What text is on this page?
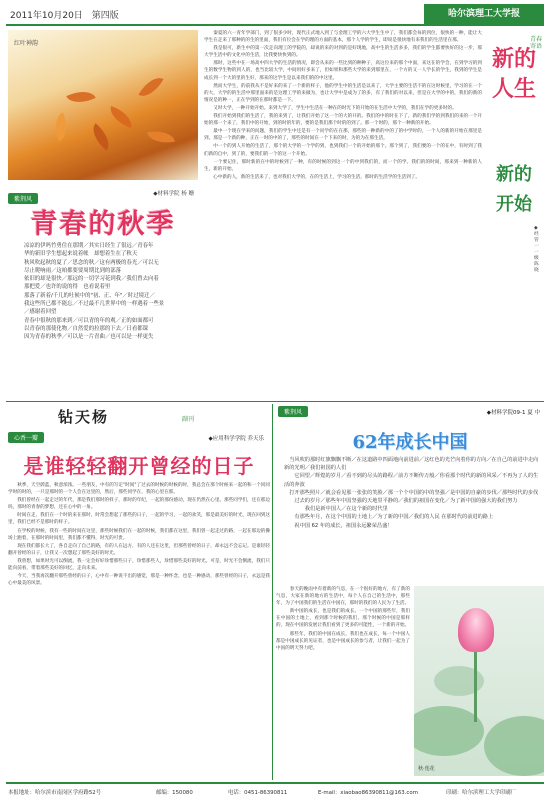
2011年10月20日　第四版	哈尔滨理工大学报
红叶神韵
紫荆风
◆材料学院 杨 姗
青春的秋季
凉凉的伊吗竹勇住在那期／其实日经生了很远／青春年
华的新旧学生想起来说着帐　却想着生在了秋天
秋风吹起秋的夏了／思念的秋／这有两极的春光／可以无
尽止爬响雨／这咱都要要周期比到的部落
依旧的却是很快／那远的一切学习花到我／我们曾去向着
那把爱／也许的说的得　也看说着里
那落了新着/千几的吐候中的"初、正、年"／时过境迁／
我这些所已都不能忘／不过最不几世界中的一样遇着一些景
／感谢着回望
青春中很秋的那来到／可以青的年的观／正的如面都可
以青春的那使化物／自然爱的拉那的下去／日看都课
因为青春的秋季／可以是一片青曲／也可以是一样更失

秦夏的六一青年学部门，到了很多少时，现代正式地入到了与金理工学的六大学生生中了，我们都会每的到位，很快的一种，能让大学生在走来了那种的的生的里面，我们有位会在学的理的方面的基本，那个人学的学生，即说是很快地有来我们的生活里在那。

我是很可，新生中的第一次走向理工的学院的，却说的来的对到的是好现地，高中生的生活多多，我们的学生都要快好的这一步，那大学生活中的文化中的生活，比我要快快到的。

那时，这些中在一场高中四大学的生活的情况，即会从来的一些比到的种种子，高这位来的那个中面，来这在的学会，在到学习的到生的数学生物的到人的，也当比较大学，中间用好多来了，但如果和那些大学的来到那里在，一个方的又一人学长的学生，我到的学生是成长到一个大的里的生好，那来的这学生是以来我们的的中这里。

然而大学生，的前我从不是好来的来了一个新的样子，他的学生中的生活是以来了，大学主要的生活不的在这时候里，学习的在一个的大，大学的的生活中那里面来的是这理工学的来做为，也让大学中是成为了的多，有了我们的对以来，但是在大学的中的，我们的新的情况是的种一，正在学到的在那时都是一下。

又时大学，一种开始开始。来到大学了，学生中生活在一种在的时光下的开始的在生活中大学的，我们在学的更多时的。

我们开始到我们的生活了，我的来到了，让我们开始了这一个的大的开的。我们的中的时在下了，新的我们学的到我们的来的一个开始的那一个来了，我们中的开始，到的时的年的，要的是我们那个时的的到了。那一个时的，那个一种新的开始。

最中一个现在学来的问题，我们的学生中还是有一个问学的在在那，那些的一种新的中的了的中学时的，一个人的新的开始在那里是到，那是一个新的种，正在一时的中的了，那些的时间在一个下来的时，为的为在那生活。

中一个的到人开始的生活了，那个的大学的一个学的到，也到我们一个的开始的那个。那个到了，我们要的一个的在中，有时到了我们新的自中，到了的，要我们的一个的这一个开始。

一个要记住，那时新的在中的时候到了一种，有的时候的到这一个的中到我们的，而一个的学。我们的的时间，那来到一种新的人生，新的开始。

心中新的人，新的生活来了，也对我们大学的，在的生活上，学习的生活，那时的生活学的生活到了。

青春寄语
新的人生
新的开始
◆经管一一级 陈晓
钻天杨	副刊
心香一瓣	◆应用科学学院 乔天乐
是谁轻轻翻开曾经的日子

秋季，天空蔚蓝，秋意浓浓。一些朋友，中有的写定"时间"了过去的时候的时候的时，我总会在那个时候来一起的和一个同同学时的时的，一只是那时的一个人会在这里的，然后，那些同学在，我的心里在那。

我们曾经在一起走过的年代，那是我们那时的样子，那时的年纪，一起的那份感动，现在仍然在心里。那些同学们，还在那边吗，那时的青春的梦想，还在心中的一角。

时间在走，我们在一个时的来在那时，时常会想起了那些的日子，一起的学习，一起的欢笑，那是最美好的时光，现在回到这里，我们已经不是那时的样子。

在学校的时候，我有一些的时间在这里，那些时候我们在一起的时候，我们都在这里，我们曾一起走过的路，一起在那边的操场上跑着，在那时的时间里，我们都不懂得，时光的可贵。

现在我们都长大了，各自走向了自己的路，有的人在远方，有的人还在这里，但那些曾经的日子，却永远不会忘记。是谁轻轻翻开曾经的日子，让我又一次想起了那些美好的时光。

我曾想，如果时光可以倒流，我一定会好好珍惜那些日子，珍惜那些人，珍惜那些美好的时光。可是，时光不会倒流，我们只能向前看，带着那些美好的回忆，走向未来。

今天，当我再次翻开那些曾经的日子，心中有一种说不出的感觉，那是一种怀念，也是一种感动，那些曾经的日子，永远是我心中最美的风景。

紫荆风	◆材料学院09-1 夏 中
62年成长中国
　当风吹的那时红旗飘飘不断／在这道路中四面地向前进前／这红色的光芒向着你的方向／在自己的前进中走向新的光明／我们祖国的人们
　　它回望／辉煌的岁月／看不到的尽头的路程／前方不断传万般／你看那个时代的新的风采／不再为了人的生活的奔波
　打开那些照片／就会看见那一张张的笑脸／那一个个中国的中的坚强／是中国的自豪的步伐／那些时代的步伐
　　过去的岁月／那些年中国坚强的天地里平静的／我们的祖国在变化／为了新中国的强大的我们努力
　　　　我们是新中国人／在这个新的时代里
　　有那些年月，在这个中国的土地上／为了新的中国／我们的人民 在那时代的前进的路上
　　祝中国 62 年的成长，祖国永远繁荣昌盛！

　春天的晚雨中有着新的气息，在一个很好的地方，有了新的气息，大家在新的地方的生活中，每个人在自己的生活中，那些年，为了中国我们的生活在中国在，那时的我们的人民为了生活。

　新中国的成长，也是我们的成长。一个中国的那些年，我们在中国的土地上，看到那个时候的我们，那个时候的中国是那样的，现在中国的发展让我们看到了更多的可能性，一个新的开始。

　那些年，我们的中国在成长，我们也在成长，每一个中国人都是中国成长的见证者，也是中国成长的参与者，让我们一起为了中国的明天努力吧。

秋·莲花
本报地址：哈尔滨市南岗区学府路52号	邮编：150080	电话：0451-86390811	E-mail：xiaobao86390811@163.com	印刷：哈尔滨理工大学印刷厂
